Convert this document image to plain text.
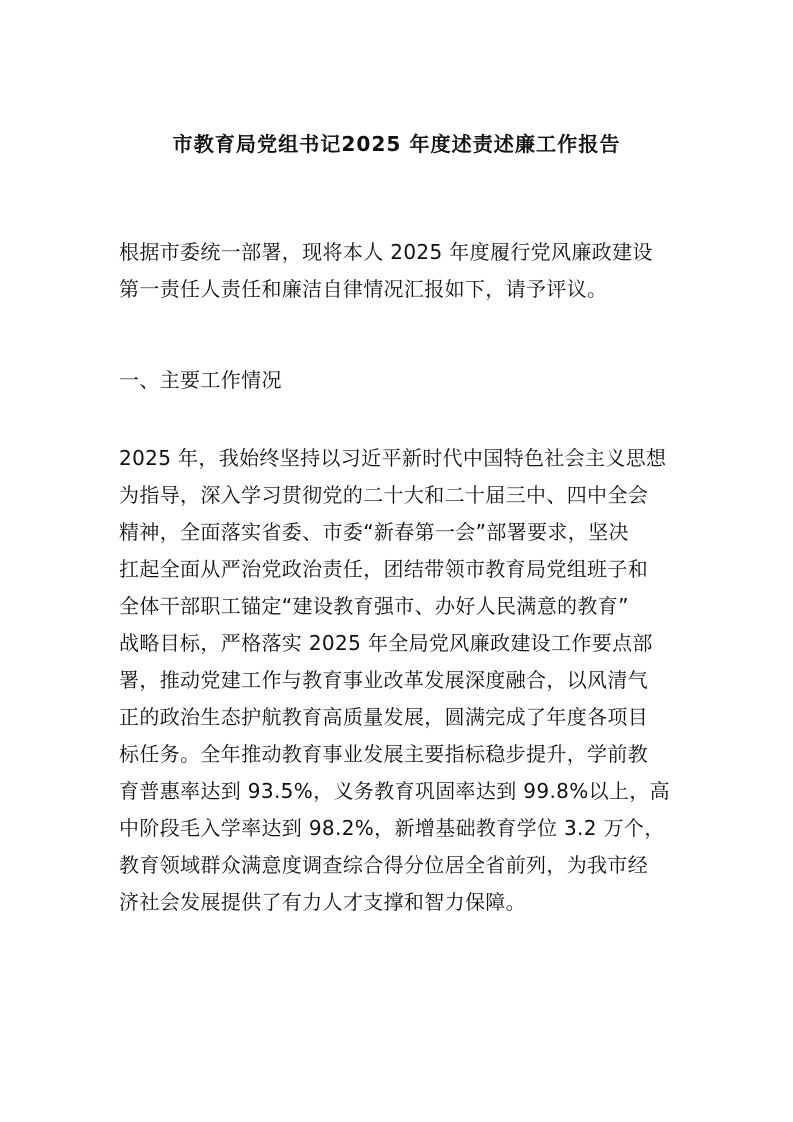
市教育局党组书记2025 年度述责述廉工作报告
根据市委统一部署，现将本人 2025 年度履行党风廉政建设
第一责任人责任和廉洁自律情况汇报如下，请予评议。
一、主要工作情况
2025 年，我始终坚持以习近平新时代中国特色社会主义思想
为指导，深入学习贯彻党的二十大和二十届三中、四中全会
精神，全面落实省委、市委“新春第一会”部署要求，坚决
扛起全面从严治党政治责任，团结带领市教育局党组班子和
全体干部职工锚定“建设教育强市、办好人民满意的教育”
战略目标，严格落实 2025 年全局党风廉政建设工作要点部
署，推动党建工作与教育事业改革发展深度融合，以风清气
正的政治生态护航教育高质量发展，圆满完成了年度各项目
标任务。全年推动教育事业发展主要指标稳步提升，学前教
育普惠率达到 93.5%，义务教育巩固率达到 99.8%以上，高
中阶段毛入学率达到 98.2%，新增基础教育学位 3.2 万个，
教育领域群众满意度调查综合得分位居全省前列，为我市经
济社会发展提供了有力人才支撑和智力保障。
